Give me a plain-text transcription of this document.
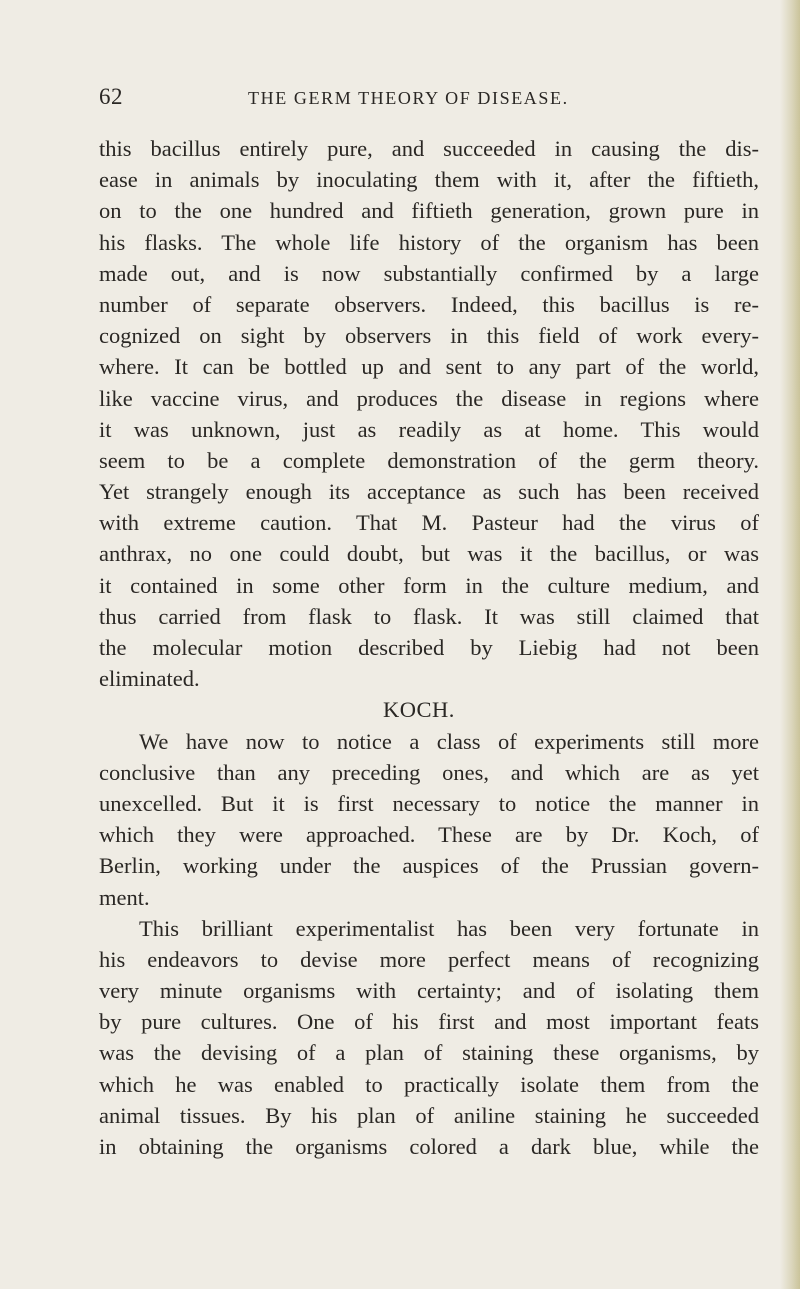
62	THE GERM THEORY OF DISEASE.
this bacillus entirely pure, and succeeded in causing the dis-
ease in animals by inoculating them with it, after the fiftieth,
on to the one hundred and fiftieth generation, grown pure in
his flasks. The whole life history of the organism has been
made out, and is now substantially confirmed by a large
number of separate observers. Indeed, this bacillus is re-
cognized on sight by observers in this field of work every-
where. It can be bottled up and sent to any part of the world,
like vaccine virus, and produces the disease in regions where
it was unknown, just as readily as at home. This would
seem to be a complete demonstration of the germ theory.
Yet strangely enough its acceptance as such has been received
with extreme caution. That M. Pasteur had the virus of
anthrax, no one could doubt, but was it the bacillus, or was
it contained in some other form in the culture medium, and
thus carried from flask to flask. It was still claimed that
the molecular motion described by Liebig had not been
eliminated.
KOCH.
We have now to notice a class of experiments still more
conclusive than any preceding ones, and which are as yet
unexcelled. But it is first necessary to notice the manner in
which they were approached. These are by Dr. Koch, of
Berlin, working under the auspices of the Prussian govern-
ment.
This brilliant experimentalist has been very fortunate in
his endeavors to devise more perfect means of recognizing
very minute organisms with certainty; and of isolating them
by pure cultures. One of his first and most important feats
was the devising of a plan of staining these organisms, by
which he was enabled to practically isolate them from the
animal tissues. By his plan of aniline staining he succeeded
in obtaining the organisms colored a dark blue, while the
